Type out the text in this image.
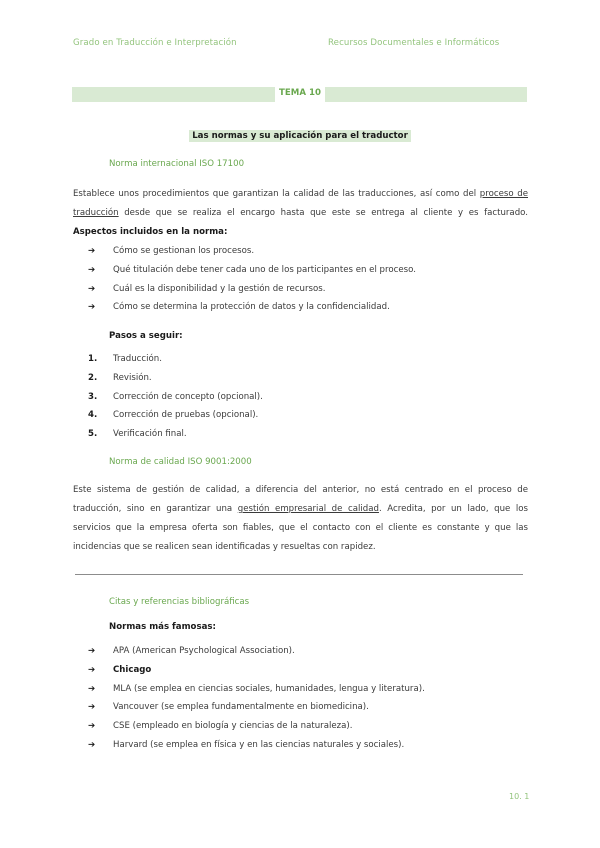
Grado en Traducción e Interpretación	Recursos Documentales e Informáticos
TEMA 10
Las normas y su aplicación para el traductor
Norma internacional ISO 17100

Establece unos procedimientos que garantizan la calidad de las traducciones, así como del proceso de traducción desde que se realiza el encargo hasta que este se entrega al cliente y es facturado. Aspectos incluidos en la norma:

➔ Cómo se gestionan los procesos.
➔ Qué titulación debe tener cada uno de los participantes en el proceso.
➔ Cuál es la disponibilidad y la gestión de recursos.
➔ Cómo se determina la protección de datos y la confidencialidad.
Pasos a seguir:
1. Traducción.
2. Revisión.
3. Corrección de concepto (opcional).
4. Corrección de pruebas (opcional).
5. Verificación final.
Norma de calidad ISO 9001:2000

Este sistema de gestión de calidad, a diferencia del anterior, no está centrado en el proceso de traducción, sino en garantizar una gestión empresarial de calidad. Acredita, por un lado, que los servicios que la empresa oferta son fiables, que el contacto con el cliente es constante y que las incidencias que se realicen sean identificadas y resueltas con rapidez.

Citas y referencias bibliográficas
Normas más famosas:
➔ APA (American Psychological Association).
➔ Chicago
➔ MLA (se emplea en ciencias sociales, humanidades, lengua y literatura).
➔ Vancouver (se emplea fundamentalmente en biomedicina).
➔ CSE (empleado en biología y ciencias de la naturaleza).
➔ Harvard (se emplea en física y en las ciencias naturales y sociales).
10. 1
